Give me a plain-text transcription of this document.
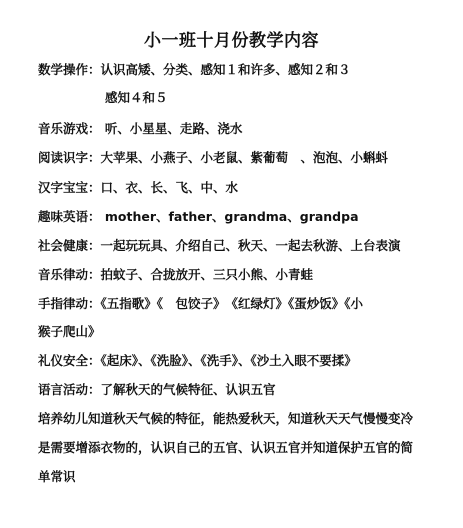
小一班十月份教学内容
数学操作：认识高矮、分类、感知１和许多、感知２和３
感知４和５
音乐游戏： 听、小星星、走路、浇水
阅读识字：大苹果、小燕子、小老鼠、紫葡萄　、泡泡、小蝌蚪
汉字宝宝：口、衣、长、飞、中、水
趣味英语： mother、father、grandma、grandpa
社会健康：一起玩玩具、介绍自己、秋天、一起去秋游、上台表演
音乐律动：拍蚊子、合拢放开、三只小熊、小青蛙
手指律动：《五指歌》《　包饺子》　《红绿灯》《蛋炒饭》《小
猴子爬山》
礼仪安全：《起床》、《洗脸》、《洗手》、《沙土入眼不要揉》
语言活动：了解秋天的气候特征、认识五官
培养幼儿知道秋天气候的特征，能热爱秋天，知道秋天天气慢慢变冷
是需要增添衣物的，认识自己的五官、认识五官并知道保护五官的简
单常识
